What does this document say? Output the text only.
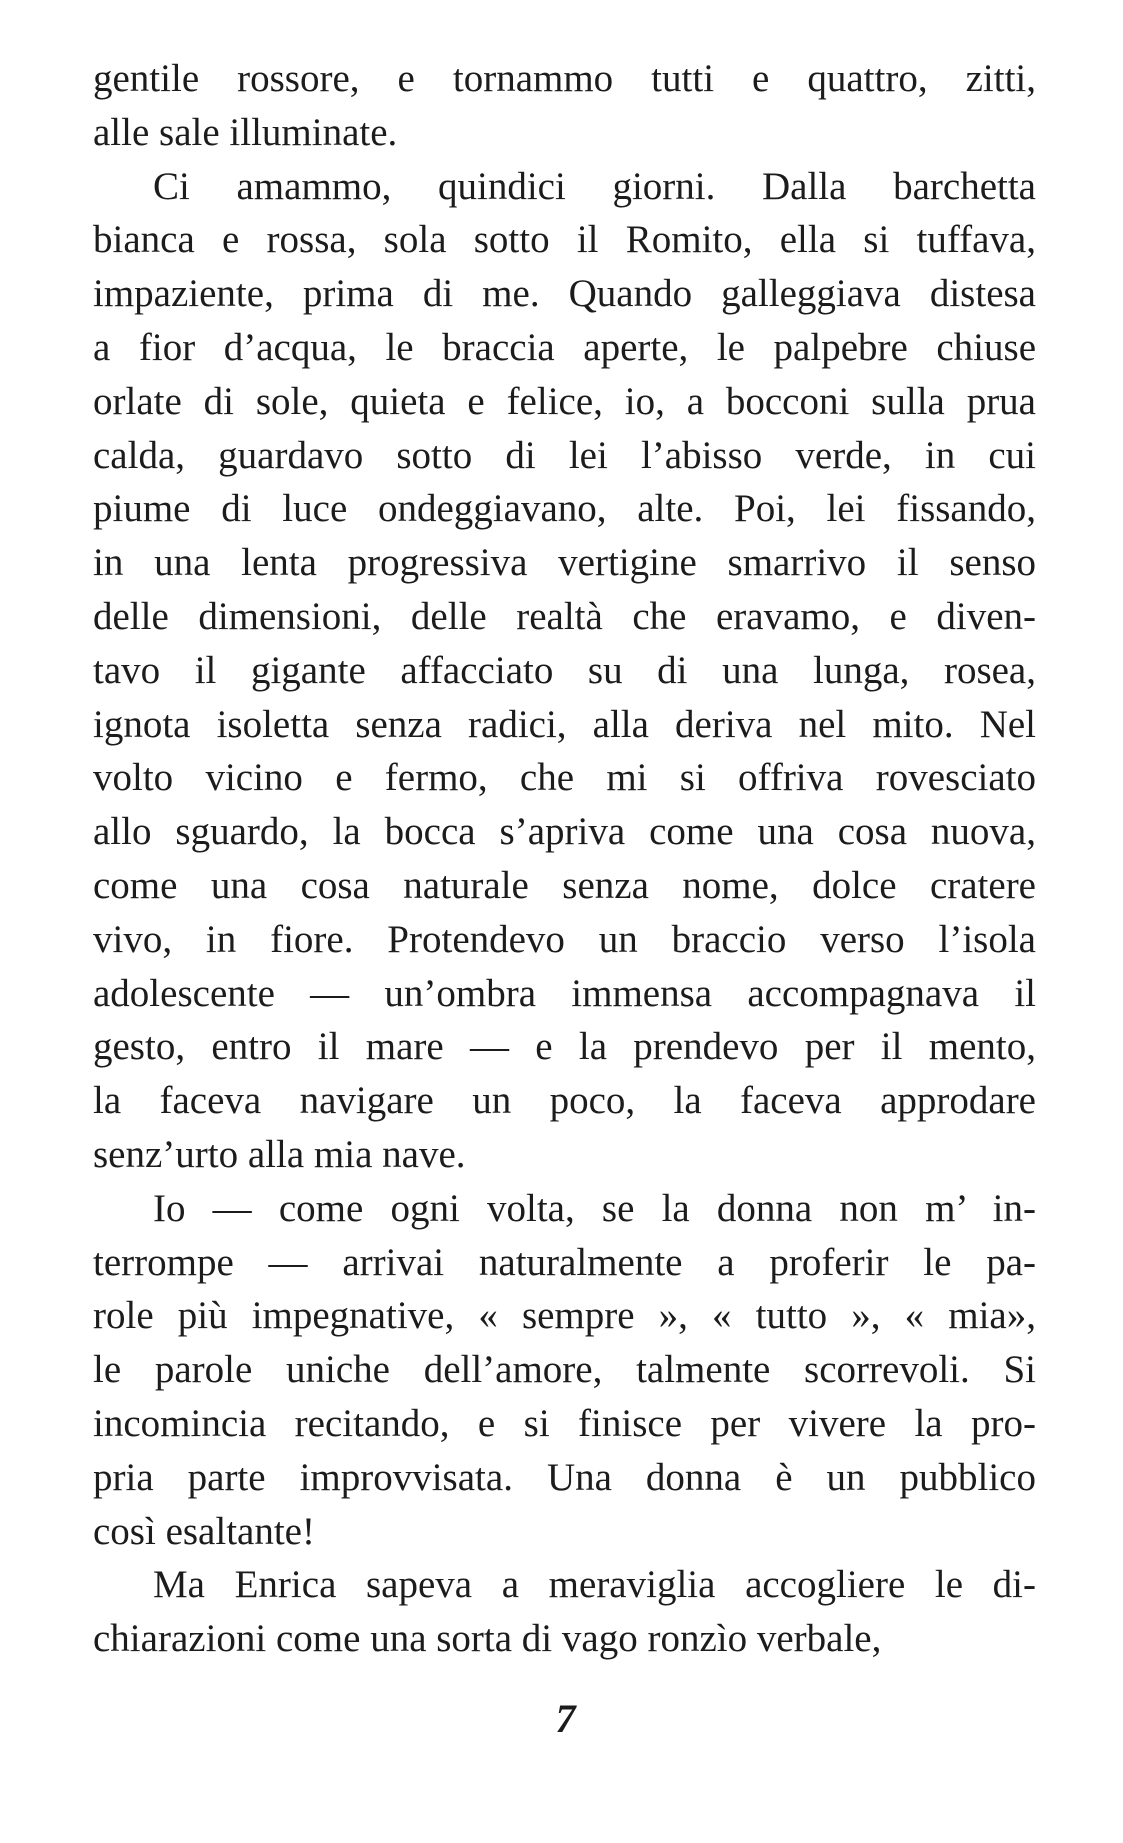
gentile rossore, e tornammo tutti e quattro, zitti,
alle sale illuminate.
Ci amammo, quindici giorni. Dalla barchetta
bianca e rossa, sola sotto il Romito, ella si tuffava,
impaziente, prima di me. Quando galleggiava distesa
a fior d’acqua, le braccia aperte, le palpebre chiuse
orlate di sole, quieta e felice, io, a bocconi sulla prua
calda, guardavo sotto di lei l’abisso verde, in cui
piume di luce ondeggiavano, alte. Poi, lei fissando,
in una lenta progressiva vertigine smarrivo il senso
delle dimensioni, delle realtà che eravamo, e diven-
tavo il gigante affacciato su di una lunga, rosea,
ignota isoletta senza radici, alla deriva nel mito. Nel
volto vicino e fermo, che mi si offriva rovesciato
allo sguardo, la bocca s’apriva come una cosa nuova,
come una cosa naturale senza nome, dolce cratere
vivo, in fiore. Protendevo un braccio verso l’isola
adolescente — un’ombra immensa accompagnava il
gesto, entro il mare — e la prendevo per il mento,
la faceva navigare un poco, la faceva approdare
senz’urto alla mia nave.
Io — come ogni volta, se la donna non m’ in-
terrompe — arrivai naturalmente a proferir le pa-
role più impegnative, « sempre », « tutto », « mia»,
le parole uniche dell’amore, talmente scorrevoli. Si
incomincia recitando, e si finisce per vivere la pro-
pria parte improvvisata. Una donna è un pubblico
così esaltante!
Ma Enrica sapeva a meraviglia accogliere le di-
chiarazioni come una sorta di vago ronzìo verbale,
7
